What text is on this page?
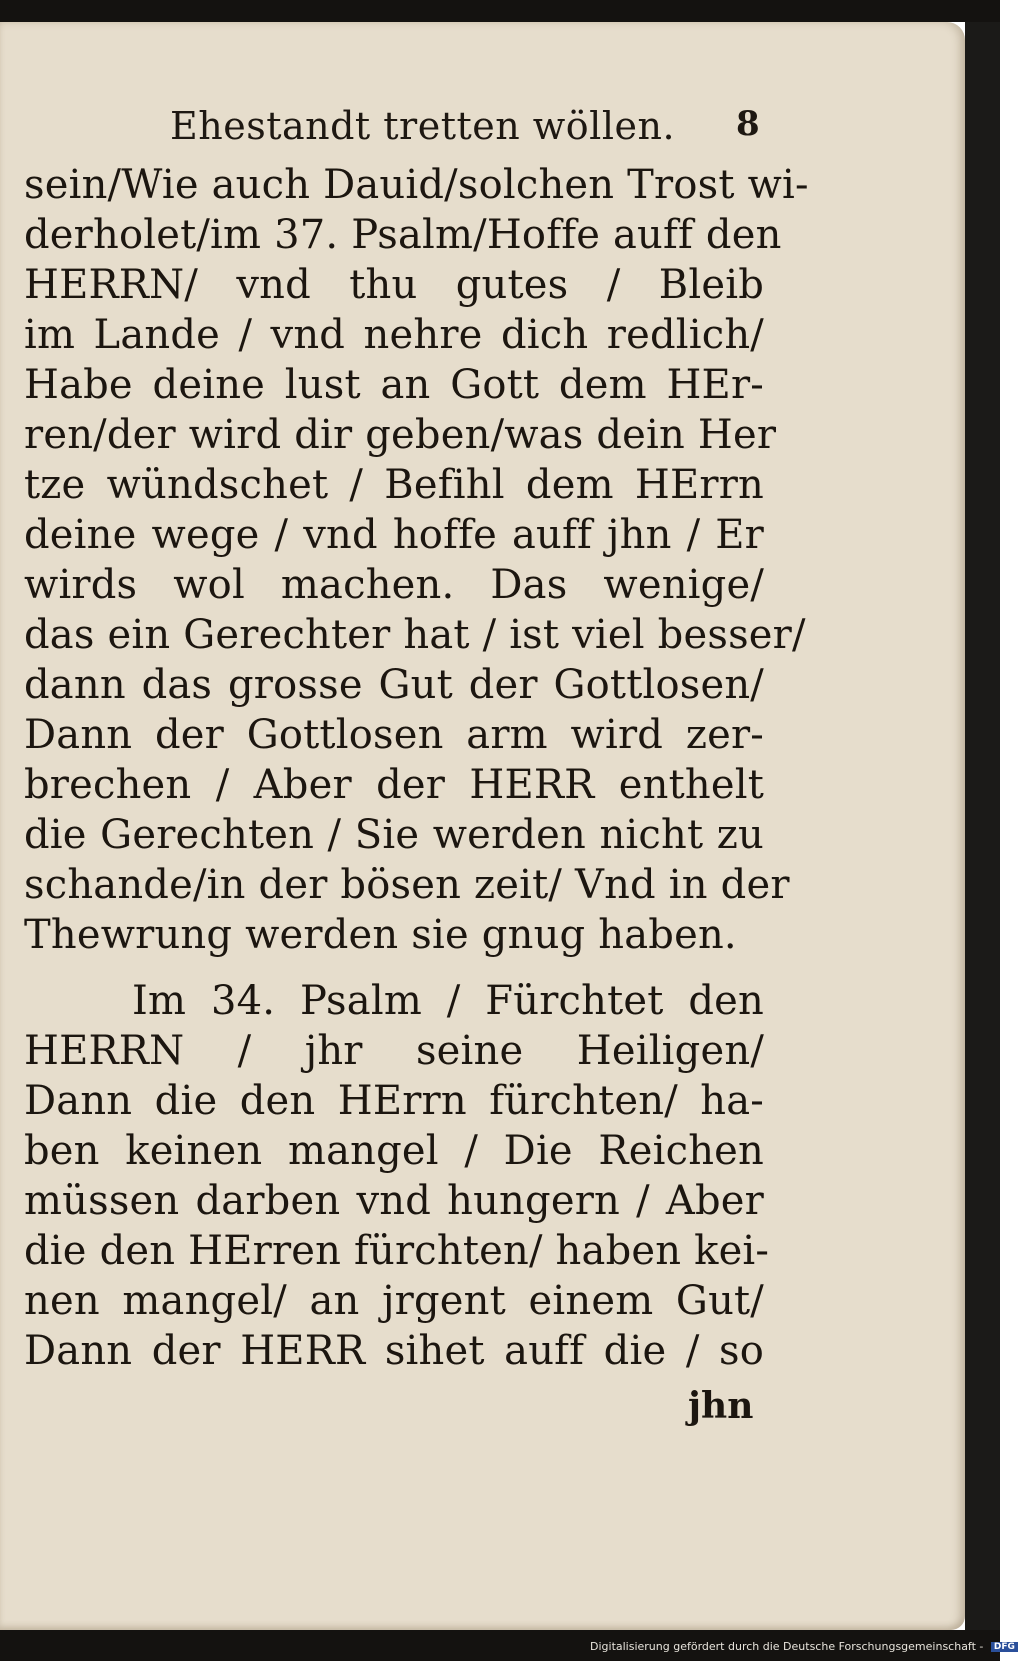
Ehestandt tretten wöllen. 8
sein/Wie auch Dauid/solchen Trost wi-
derholet/im 37. Psalm/Hoffe auff den
HERRN/ vnd thu gutes / Bleib
im Lande / vnd nehre dich redlich/
Habe deine lust an Gott dem HEr-
ren/der wird dir geben/was dein Her
tze wündschet / Befihl dem HErrn
deine wege / vnd hoffe auff jhn / Er
wirds wol machen. Das wenige/
das ein Gerechter hat / ist viel besser/
dann das grosse Gut der Gottlosen/
Dann der Gottlosen arm wird zer-
brechen / Aber der HERR enthelt
die Gerechten / Sie werden nicht zu
schande/in der bösen zeit/ Vnd in der
Thewrung werden sie gnug haben.
Im 34. Psalm / Fürchtet den
HERRN / jhr seine Heiligen/
Dann die den HErrn fürchten/ ha-
ben keinen mangel / Die Reichen
müssen darben vnd hungern / Aber
die den HErren fürchten/ haben kei-
nen mangel/ an jrgent einem Gut/
Dann der HERR sihet auff die / so
jhn
Digitalisierung gefördert durch die Deutsche Forschungsgemeinschaft - DFG
